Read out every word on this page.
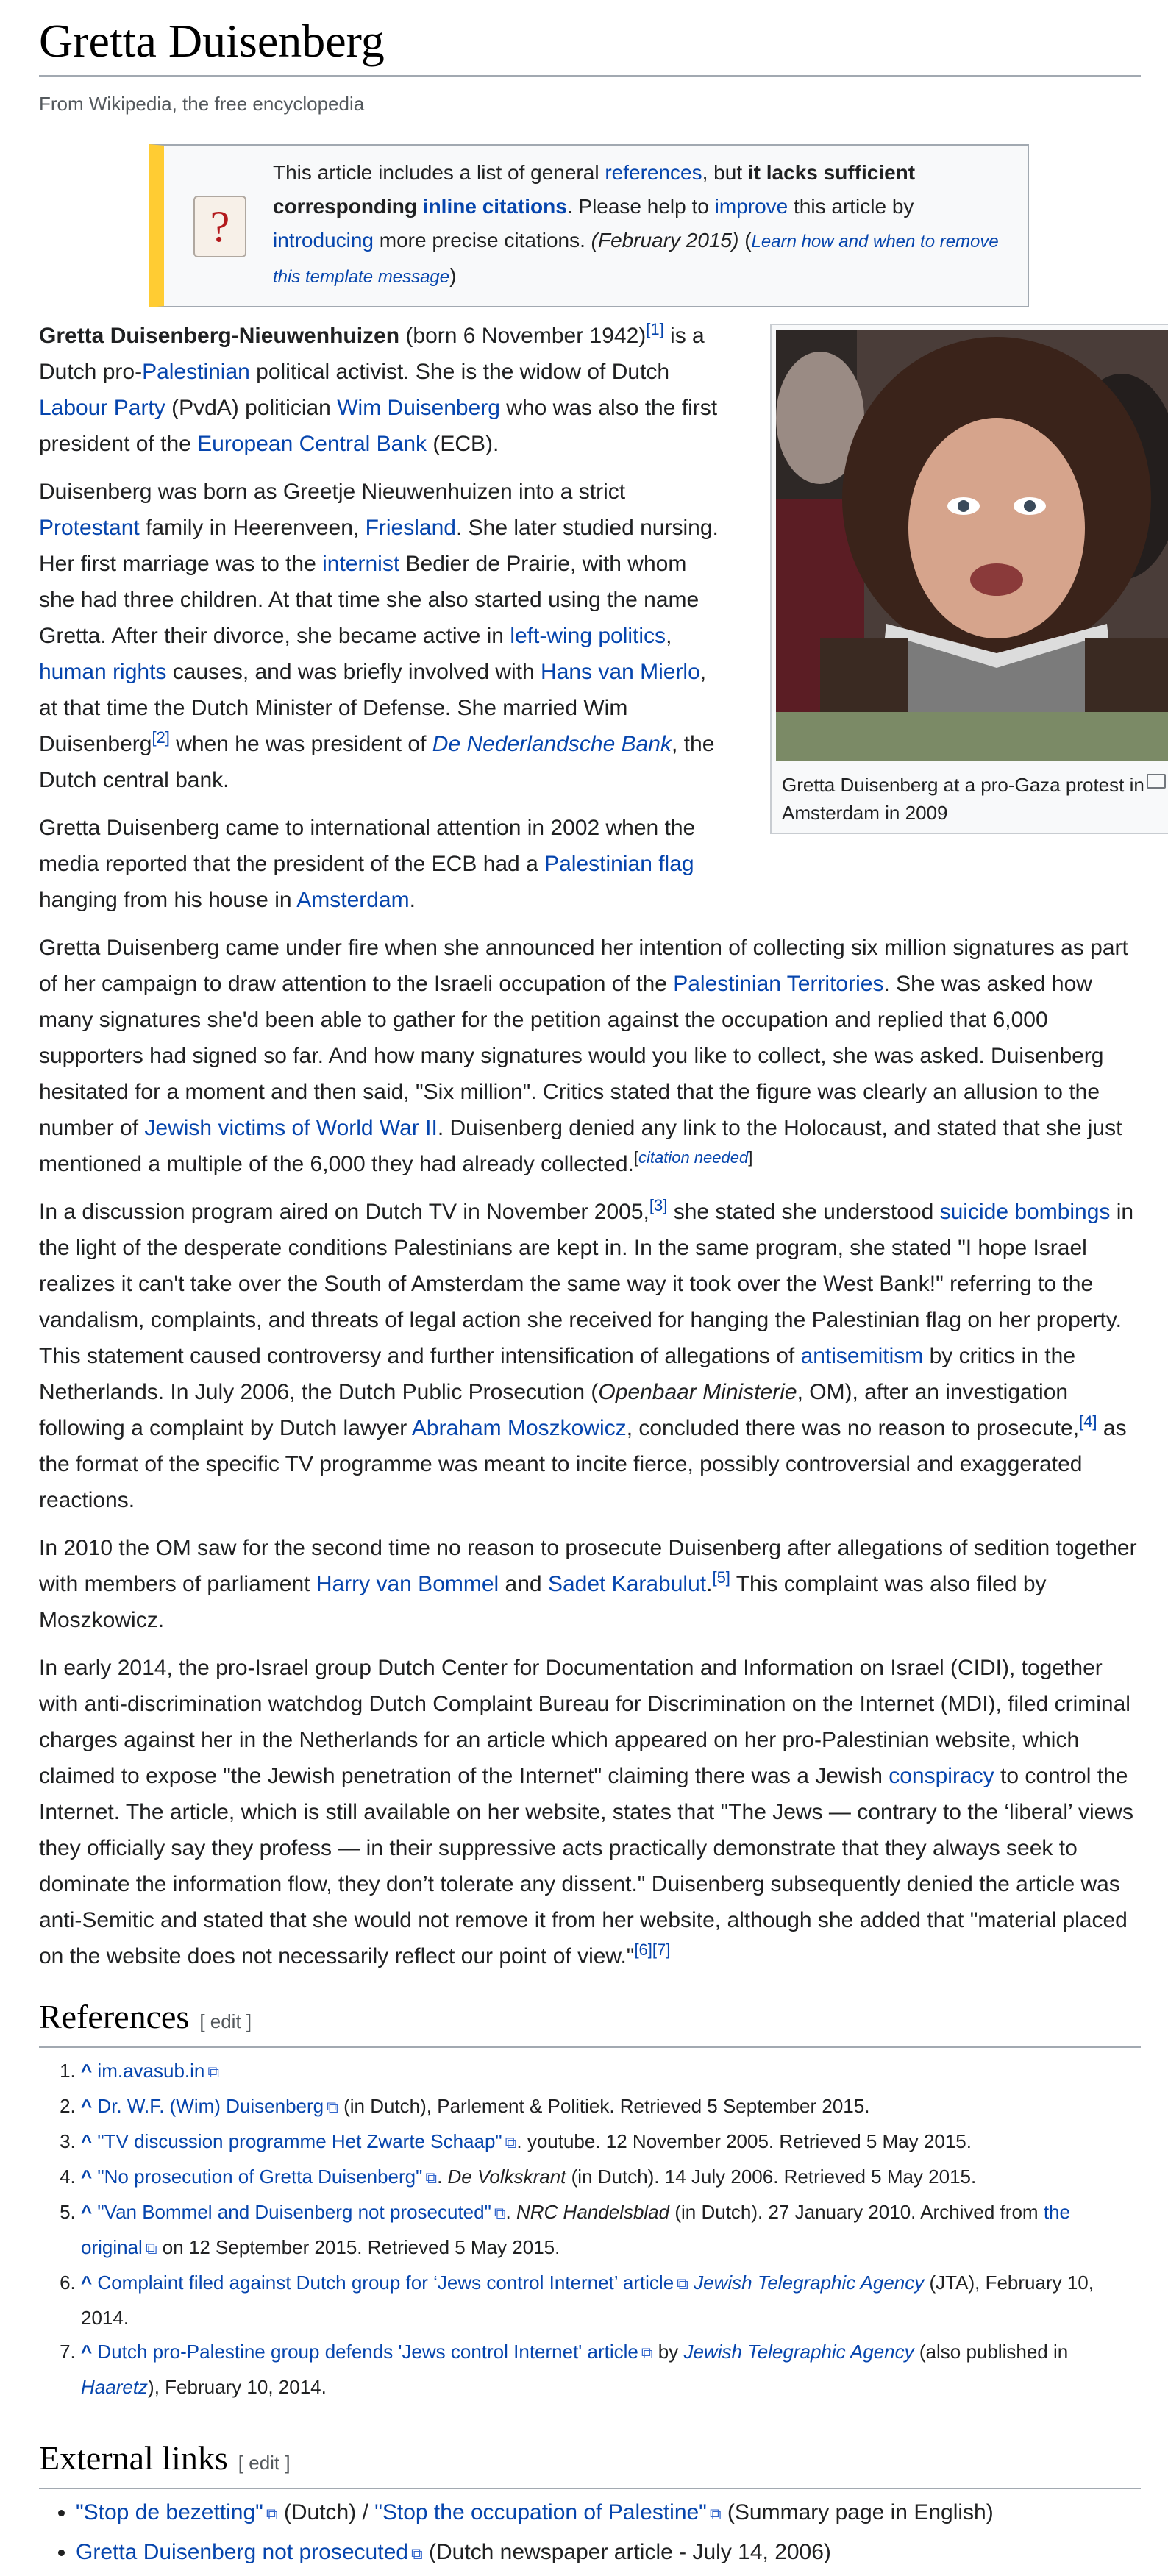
Gretta Duisenberg
From Wikipedia, the free encyclopedia
?
This article includes a list of general references, but it lacks sufficient corresponding inline citations. Please help to improve this article by introducing more precise citations. (February 2015) (Learn how and when to remove this template message)
Gretta Duisenberg at a pro-Gaza protest in Amsterdam in 2009

Gretta Duisenberg-Nieuwenhuizen (born 6 November 1942)[1] is a Dutch pro-Palestinian political activist. She is the widow of Dutch Labour Party (PvdA) politician Wim Duisenberg who was also the first president of the European Central Bank (ECB).

Duisenberg was born as Greetje Nieuwenhuizen into a strict Protestant family in Heerenveen, Friesland. She later studied nursing. Her first marriage was to the internist Bedier de Prairie, with whom she had three children. At that time she also started using the name Gretta. After their divorce, she became active in left-wing politics, human rights causes, and was briefly involved with Hans van Mierlo, at that time the Dutch Minister of Defense. She married Wim Duisenberg[2] when he was president of De Nederlandsche Bank, the Dutch central bank.

Gretta Duisenberg came to international attention in 2002 when the media reported that the president of the ECB had a Palestinian flag hanging from his house in Amsterdam.

Gretta Duisenberg came under fire when she announced her intention of collecting six million signatures as part of her campaign to draw attention to the Israeli occupation of the Palestinian Territories. She was asked how many signatures she'd been able to gather for the petition against the occupation and replied that 6,000 supporters had signed so far. And how many signatures would you like to collect, she was asked. Duisenberg hesitated for a moment and then said, "Six million". Critics stated that the figure was clearly an allusion to the number of Jewish victims of World War II. Duisenberg denied any link to the Holocaust, and stated that she just mentioned a multiple of the 6,000 they had already collected.[citation needed]

In a discussion program aired on Dutch TV in November 2005,[3] she stated she understood suicide bombings in the light of the desperate conditions Palestinians are kept in. In the same program, she stated "I hope Israel realizes it can't take over the South of Amsterdam the same way it took over the West Bank!" referring to the vandalism, complaints, and threats of legal action she received for hanging the Palestinian flag on her property. This statement caused controversy and further intensification of allegations of antisemitism by critics in the Netherlands. In July 2006, the Dutch Public Prosecution (Openbaar Ministerie, OM), after an investigation following a complaint by Dutch lawyer Abraham Moszkowicz, concluded there was no reason to prosecute,[4] as the format of the specific TV programme was meant to incite fierce, possibly controversial and exaggerated reactions.

In 2010 the OM saw for the second time no reason to prosecute Duisenberg after allegations of sedition together with members of parliament Harry van Bommel and Sadet Karabulut.[5] This complaint was also filed by Moszkowicz.

In early 2014, the pro-Israel group Dutch Center for Documentation and Information on Israel (CIDI), together with anti-discrimination watchdog Dutch Complaint Bureau for Discrimination on the Internet (MDI), filed criminal charges against her in the Netherlands for an article which appeared on her pro-Palestinian website, which claimed to expose "the Jewish penetration of the Internet" claiming there was a Jewish conspiracy to control the Internet. The article, which is still available on her website, states that "The Jews — contrary to the ‘liberal’ views they officially say they profess — in their suppressive acts practically demonstrate that they always seek to dominate the information flow, they don’t tolerate any dissent." Duisenberg subsequently denied the article was anti-Semitic and stated that she would not remove it from her website, although she added that "material placed on the website does not necessarily reflect our point of view."[6][7]

References [ edit ]
1. ^ im.avasub.in ⧉
2. ^ Dr. W.F. (Wim) Duisenberg ⧉ (in Dutch), Parlement & Politiek. Retrieved 5 September 2015.
3. ^ "TV discussion programme Het Zwarte Schaap" ⧉. youtube. 12 November 2005. Retrieved 5 May 2015.
4. ^ "No prosecution of Gretta Duisenberg" ⧉. De Volkskrant (in Dutch). 14 July 2006. Retrieved 5 May 2015.
5. ^ "Van Bommel and Duisenberg not prosecuted" ⧉. NRC Handelsblad (in Dutch). 27 January 2010. Archived from the original ⧉ on 12 September 2015. Retrieved 5 May 2015.
6. ^ Complaint filed against Dutch group for ‘Jews control Internet’ article ⧉ Jewish Telegraphic Agency (JTA), February 10, 2014.
7. ^ Dutch pro-Palestine group defends 'Jews control Internet' article ⧉ by Jewish Telegraphic Agency (also published in Haaretz), February 10, 2014.
External links [ edit ]
• "Stop de bezetting" ⧉ (Dutch) / "Stop the occupation of Palestine" ⧉ (Summary page in English)
• Gretta Duisenberg not prosecuted ⧉ (Dutch newspaper article - July 14, 2006)
